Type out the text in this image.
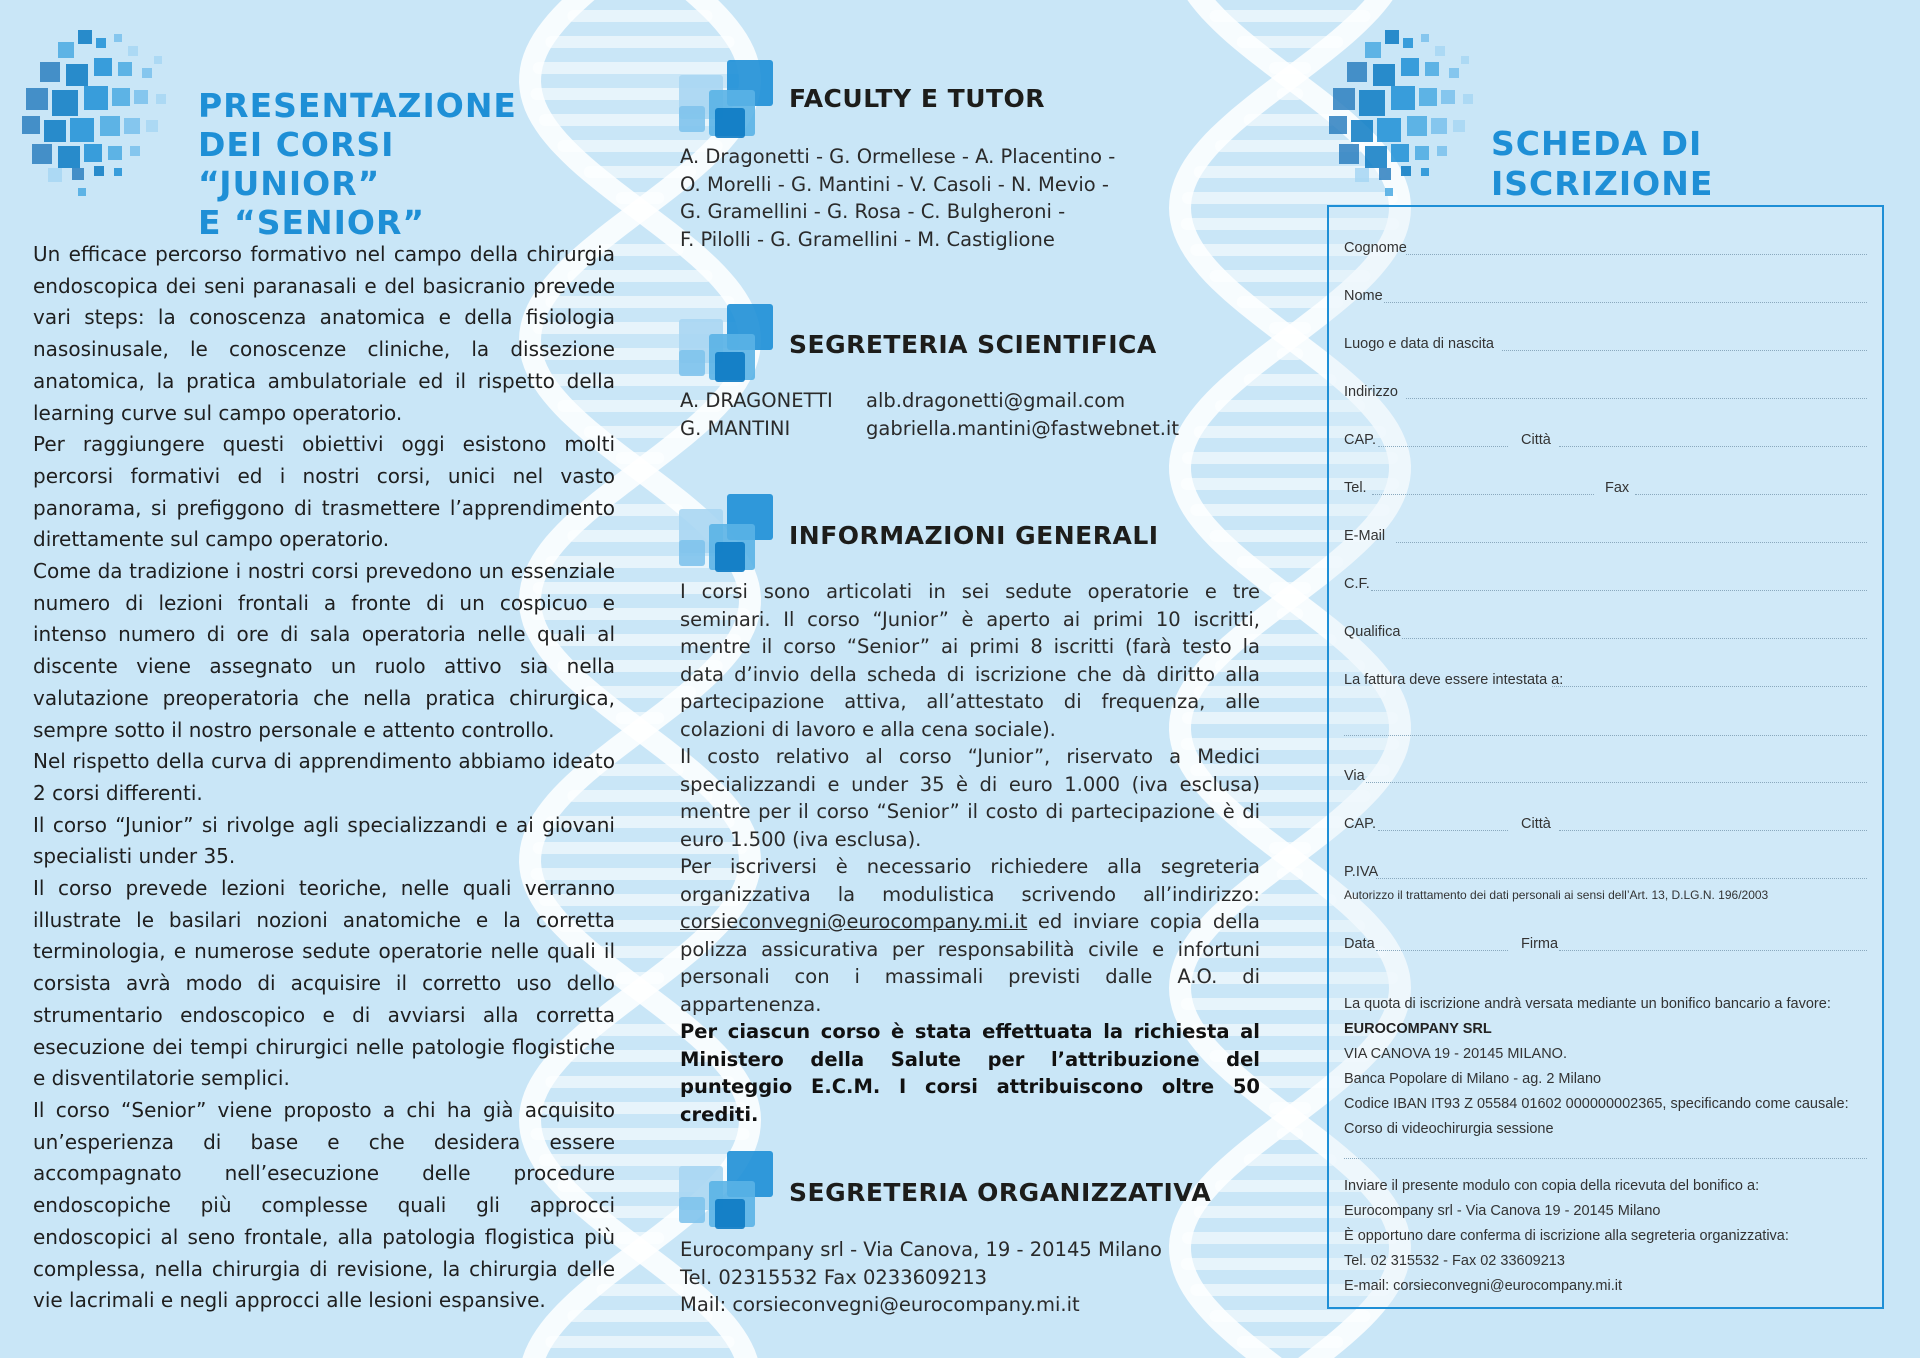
PRESENTAZIONE
DEI CORSI “JUNIOR”
E “SENIOR”

Un efficace percorso formativo nel campo della chirurgia endoscopica dei seni paranasali e del basicranio prevede vari steps: la conoscenza anatomica e della fisiologia nasosinusale, le conoscenze cliniche, la dissezione anatomica, la pratica ambulatoriale ed il rispetto della learning curve sul campo operatorio.

Per raggiungere questi obiettivi oggi esistono molti percorsi formativi ed i nostri corsi, unici nel vasto panorama, si prefiggono di trasmettere l’apprendimento direttamente sul campo operatorio.

Come da tradizione i nostri corsi prevedono un essenziale numero di lezioni frontali a fronte di un cospicuo e intenso numero di ore di sala operatoria nelle quali al discente viene assegnato un ruolo attivo sia nella valutazione preoperatoria che nella pratica chirurgica, sempre sotto il nostro personale e attento controllo.

Nel rispetto della curva di apprendimento abbiamo ideato 2 corsi differenti.

Il corso “Junior” si rivolge agli specializzandi e ai giovani specialisti under 35.

Il corso prevede lezioni teoriche, nelle quali verranno illustrate le basilari nozioni anatomiche e la corretta terminologia, e numerose sedute operatorie nelle quali il corsista avrà modo di acquisire il corretto uso dello strumentario endoscopico e di avviarsi alla corretta esecuzione dei tempi chirurgici nelle patologie flogistiche e disventilatorie semplici.

Il corso “Senior” viene proposto a chi ha già acquisito un’esperienza di base e che desidera essere accompagnato nell’esecuzione delle procedure endoscopiche più complesse quali gli approcci endoscopici al seno frontale, alla patologia flogistica più complessa, nella chirurgia di revisione, la chirurgia delle vie lacrimali e negli approcci alle lesioni espansive.

FACULTY E TUTOR
A. Dragonetti - G. Ormellese - A. Placentino -
O. Morelli - G. Mantini - V. Casoli - N. Mevio -
G. Gramellini - G. Rosa - C. Bulgheroni -
F. Pilolli - G. Gramellini - M. Castiglione
SEGRETERIA SCIENTIFICA
A. DRAGONETTI alb.dragonetti@gmail.com
G. MANTINI	gabriella.mantini@fastwebnet.it
INFORMAZIONI GENERALI

I corsi sono articolati in sei sedute operatorie e tre seminari. Il corso “Junior” è aperto ai primi 10 iscritti, mentre il corso “Senior” ai primi 8 iscritti (farà testo la data d’invio della scheda di iscrizione che dà diritto alla partecipazione attiva, all’attestato di frequenza, alle colazioni di lavoro e alla cena sociale).

Il costo relativo al corso “Junior”, riservato a Medici specializzandi e under 35 è di euro 1.000 (iva esclusa) mentre per il corso “Senior” il costo di partecipazione è di euro 1.500 (iva esclusa).

Per iscriversi è necessario richiedere alla segreteria organizzativa la modulistica scrivendo all’indirizzo: corsieconvegni@eurocompany.mi.it ed inviare copia della polizza assicurativa per responsabilità civile e infortuni personali con i massimali previsti dalle A.O. di appartenenza.

Per ciascun corso è stata effettuata la richiesta al Ministero della Salute per l’attribuzione del punteggio E.C.M. I corsi attribuiscono oltre 50 crediti.

SEGRETERIA ORGANIZZATIVA
Eurocompany srl - Via Canova, 19 - 20145 Milano
Tel. 02315532 Fax 0233609213
Mail: corsieconvegni@eurocompany.mi.it
SCHEDA DI ISCRIZIONE
Cognome
Nome
Luogo e data di nascita
Indirizzo
CAP.	Città
Tel.	Fax
E-Mail
C.F.
Qualifica
La fattura deve essere intestata a:
Via
CAP.	Città
P.IVA
Autorizzo il trattamento dei dati personali ai sensi dell’Art. 13, D.LG.N. 196/2003
Data	Firma
La quota di iscrizione andrà versata mediante un bonifico bancario a favore:
EUROCOMPANY SRL
VIA CANOVA 19 - 20145 MILANO.
Banca Popolare di Milano - ag. 2 Milano
Codice IBAN IT93 Z 05584 01602 000000002365, specificando come causale:
Corso di videochirurgia sessione
Inviare il presente modulo con copia della ricevuta del bonifico a:
Eurocompany srl - Via Canova 19 - 20145 Milano
È opportuno dare conferma di iscrizione alla segreteria organizzativa:
Tel. 02 315532 - Fax 02 33609213
E-mail: corsieconvegni@eurocompany.mi.it
